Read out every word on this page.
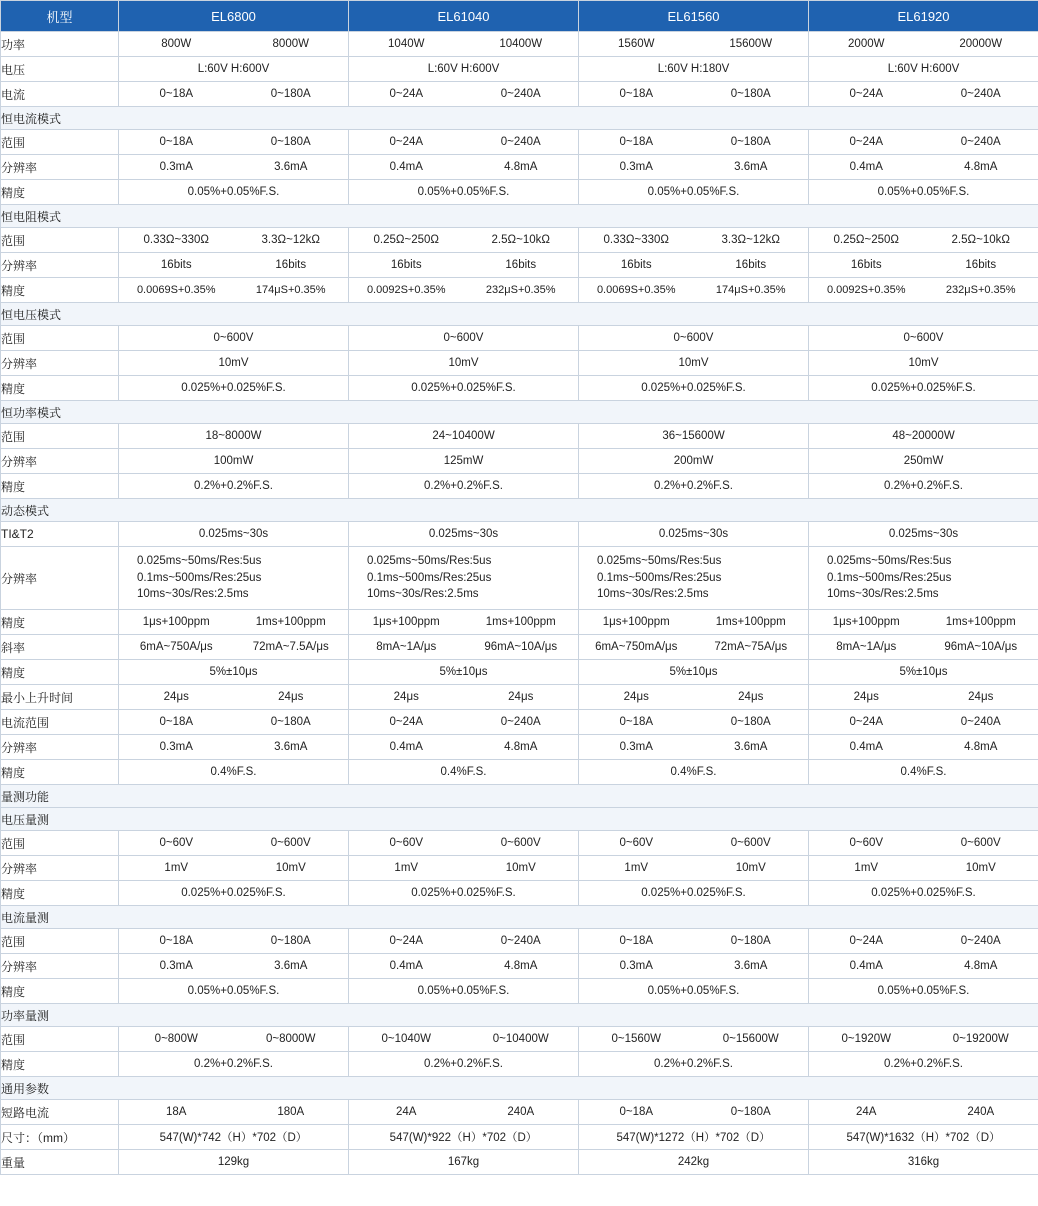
机型	EL6800	EL61040	EL61560	EL61920
功率	800W 8000W	1040W 10400W	1560W 15600W	2000W 20000W

电压	L:60V H:600V	L:60V H:600V	L:60V H:180V	L:60V H:600V

电流	0~18A 0~180A	0~24A 0~240A	0~18A 0~180A	0~24A 0~240A

恒电流模式				
范围	0~18A 0~180A	0~24A 0~240A	0~18A 0~180A	0~24A 0~240A

分辨率	0.3mA 3.6mA	0.4mA 4.8mA	0.3mA 3.6mA	0.4mA 4.8mA

精度	0.05%+0.05%F.S.	0.05%+0.05%F.S.	0.05%+0.05%F.S.	0.05%+0.05%F.S.

恒电阻模式				
范围	0.33Ω~330Ω 3.3Ω~12kΩ	0.25Ω~250Ω 2.5Ω~10kΩ	0.33Ω~330Ω 3.3Ω~12kΩ	0.25Ω~250Ω 2.5Ω~10kΩ

分辨率	16bits 16bits	16bits 16bits	16bits 16bits	16bits 16bits

精度	0.0069S+0.35% 174μS+0.35%	0.0092S+0.35% 232μS+0.35%	0.0069S+0.35% 174μS+0.35%	0.0092S+0.35% 232μS+0.35%

恒电压模式				
范围	0~600V	0~600V	0~600V	0~600V

分辨率	10mV	10mV	10mV	10mV

精度	0.025%+0.025%F.S.	0.025%+0.025%F.S.	0.025%+0.025%F.S.	0.025%+0.025%F.S.

恒功率模式				
范围	18~8000W	24~10400W	36~15600W	48~20000W

分辨率	100mW	125mW	200mW	250mW

精度	0.2%+0.2%F.S.	0.2%+0.2%F.S.	0.2%+0.2%F.S.	0.2%+0.2%F.S.

动态模式				
TI&T2	0.025ms~30s	0.025ms~30s	0.025ms~30s	0.025ms~30s

分辨率	0.025ms~50ms/Res:5us
0.1ms~500ms/Res:25us
10ms~30s/Res:2.5ms	0.025ms~50ms/Res:5us
0.1ms~500ms/Res:25us
10ms~30s/Res:2.5ms	0.025ms~50ms/Res:5us
0.1ms~500ms/Res:25us
10ms~30s/Res:2.5ms	0.025ms~50ms/Res:5us
0.1ms~500ms/Res:25us
10ms~30s/Res:2.5ms

精度	1μs+100ppm 1ms+100ppm	1μs+100ppm 1ms+100ppm	1μs+100ppm 1ms+100ppm	1μs+100ppm 1ms+100ppm

斜率	6mA~750A/μs 72mA~7.5A/μs	8mA~1A/μs 96mA~10A/μs	6mA~750mA/μs 72mA~75A/μs	8mA~1A/μs 96mA~10A/μs

精度	5%±10μs	5%±10μs	5%±10μs	5%±10μs

最小上升时间	24μs 24μs	24μs 24μs	24μs 24μs	24μs 24μs

电流范围	0~18A 0~180A	0~24A 0~240A	0~18A 0~180A	0~24A 0~240A

分辨率	0.3mA 3.6mA	0.4mA 4.8mA	0.3mA 3.6mA	0.4mA 4.8mA

精度	0.4%F.S.	0.4%F.S.	0.4%F.S.	0.4%F.S.

量测功能				
电压量测				
范围	0~60V 0~600V	0~60V 0~600V	0~60V 0~600V	0~60V 0~600V

分辨率	1mV 10mV	1mV 10mV	1mV 10mV	1mV 10mV

精度	0.025%+0.025%F.S.	0.025%+0.025%F.S.	0.025%+0.025%F.S.	0.025%+0.025%F.S.

电流量测				
范围	0~18A 0~180A	0~24A 0~240A	0~18A 0~180A	0~24A 0~240A

分辨率	0.3mA 3.6mA	0.4mA 4.8mA	0.3mA 3.6mA	0.4mA 4.8mA

精度	0.05%+0.05%F.S.	0.05%+0.05%F.S.	0.05%+0.05%F.S.	0.05%+0.05%F.S.

功率量测				
范围	0~800W 0~8000W	0~1040W 0~10400W	0~1560W 0~15600W	0~1920W 0~19200W

精度	0.2%+0.2%F.S.	0.2%+0.2%F.S.	0.2%+0.2%F.S.	0.2%+0.2%F.S.

通用参数				
短路电流	18A 180A	24A 240A	0~18A 0~180A	24A 240A

尺寸：（mm）	547(W)*742（H）*702（D）	547(W)*922（H）*702（D）	547(W)*1272（H）*702（D）	547(W)*1632（H）*702（D）

重量	129kg	167kg	242kg	316kg
